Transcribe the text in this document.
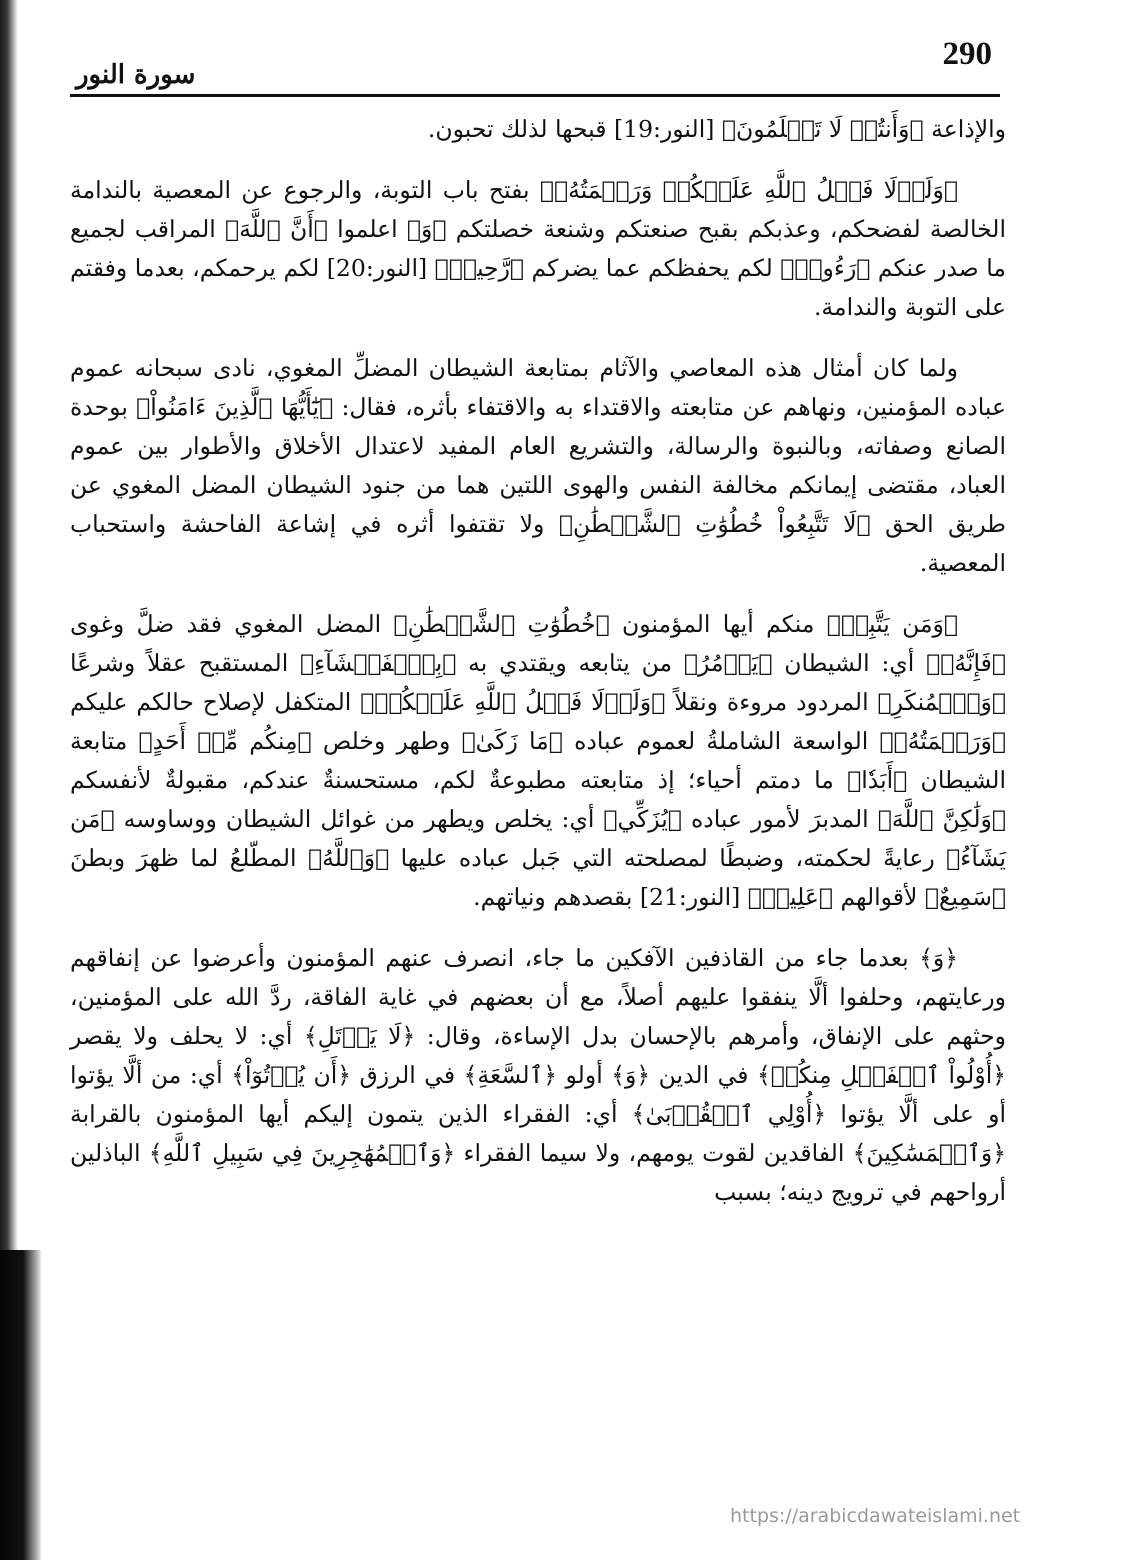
290
سورة النور

والإذاعة ﴿وَأَنتُمۡ لَا تَعۡلَمُونَ﴾ [النور:19] قبحها لذلك تحبون.

﴿وَلَوۡلَا فَضۡلُ ٱللَّهِ عَلَيۡكُمۡ وَرَحۡمَتُهُۥ﴾ بفتح باب التوبة، والرجوع عن المعصية بالندامة الخالصة لفضحكم، وعذبكم بقبح صنعتكم وشنعة خصلتكم ﴿وَ﴾ اعلموا ﴿أَنَّ ٱللَّهَ﴾ المراقب لجميع ما صدر عنكم ﴿رَءُوفٞ﴾ لكم يحفظكم عما يضركم ﴿رَّحِيمٞ﴾ [النور:20] لكم يرحمكم، بعدما وفقتم على التوبة والندامة.

ولما كان أمثال هذه المعاصي والآثام بمتابعة الشيطان المضلِّ المغوي، نادى سبحانه عموم عباده المؤمنين، ونهاهم عن متابعته والاقتداء به والاقتفاء بأثره، فقال: ﴿يَٰٓأَيُّهَا ٱلَّذِينَ ءَامَنُواْ﴾ بوحدة الصانع وصفاته، وبالنبوة والرسالة، والتشريع العام المفيد لاعتدال الأخلاق والأطوار بين عموم العباد، مقتضى إيمانكم مخالفة النفس والهوى اللتين هما من جنود الشيطان المضل المغوي عن طريق الحق ﴿لَا تَتَّبِعُواْ خُطُوَٰتِ ٱلشَّيۡطَٰنِ﴾ ولا تقتفوا أثره في إشاعة الفاحشة واستحباب المعصية.

﴿وَمَن يَتَّبِعۡ﴾ منكم أيها المؤمنون ﴿خُطُوَٰتِ ٱلشَّيۡطَٰنِ﴾ المضل المغوي فقد ضلَّ وغوى ﴿فَإِنَّهُۥ﴾ أي: الشيطان ﴿يَأۡمُرُ﴾ من يتابعه ويقتدي به ﴿بِٱلۡفَحۡشَآءِ﴾ المستقبح عقلاً وشرعًا ﴿وَٱلۡمُنكَرِ﴾ المردود مروءة ونقلاً ﴿وَلَوۡلَا فَضۡلُ ٱللَّهِ عَلَيۡكُمۡ﴾ المتكفل لإصلاح حالكم عليكم ﴿وَرَحۡمَتُهُۥ﴾ الواسعة الشاملةُ لعموم عباده ﴿مَا زَكَىٰ﴾ وطهر وخلص ﴿مِنكُم مِّنۡ أَحَدٍ﴾ متابعة الشيطان ﴿أَبَدٗا﴾ ما دمتم أحياء؛ إذ متابعته مطبوعةٌ لكم، مستحسنةٌ عندكم، مقبولةٌ لأنفسكم ﴿وَلَٰكِنَّ ٱللَّهَ﴾ المدبرَ لأمور عباده ﴿يُزَكِّي﴾ أي: يخلص ويطهر من غوائل الشيطان ووساوسه ﴿مَن يَشَآءُ﴾ رعايةً لحكمته، وضبطًا لمصلحته التي جَبل عباده عليها ﴿وَٱللَّهُ﴾ المطّلعُ لما ظهرَ وبطنَ ﴿سَمِيعٌ﴾ لأقوالهم ﴿عَلِيمٞ﴾ [النور:21] بقصدهم ونياتهم.

﴿وَ﴾ بعدما جاء من القاذفين الآفكين ما جاء، انصرف عنهم المؤمنون وأعرضوا عن إنفاقهم ورعايتهم، وحلفوا ألَّا ينفقوا عليهم أصلاً، مع أن بعضهم في غاية الفاقة، ردَّ الله على المؤمنين، وحثهم على الإنفاق، وأمرهم بالإحسان بدل الإساءة، وقال: ﴿لَا يَأۡتَلِ﴾ أي: لا يحلف ولا يقصر ﴿أُوْلُواْ ٱلۡفَضۡلِ مِنكُمۡ﴾ في الدين ﴿وَ﴾ أولو ﴿ٱلسَّعَةِ﴾ في الرزق ﴿أَن يُؤۡتُوٓاْ﴾ أي: من ألَّا يؤتوا أو على ألَّا يؤتوا ﴿أُوْلِي ٱلۡقُرۡبَىٰ﴾ أي: الفقراء الذين يتمون إليكم أيها المؤمنون بالقرابة ﴿وَٱلۡمَسَٰكِينَ﴾ الفاقدين لقوت يومهم، ولا سيما الفقراء ﴿وَٱلۡمُهَٰجِرِينَ فِي سَبِيلِ ٱللَّهِ﴾ الباذلين أرواحهم في ترويج دينه؛ بسبب

https://arabicdawateislami.net
